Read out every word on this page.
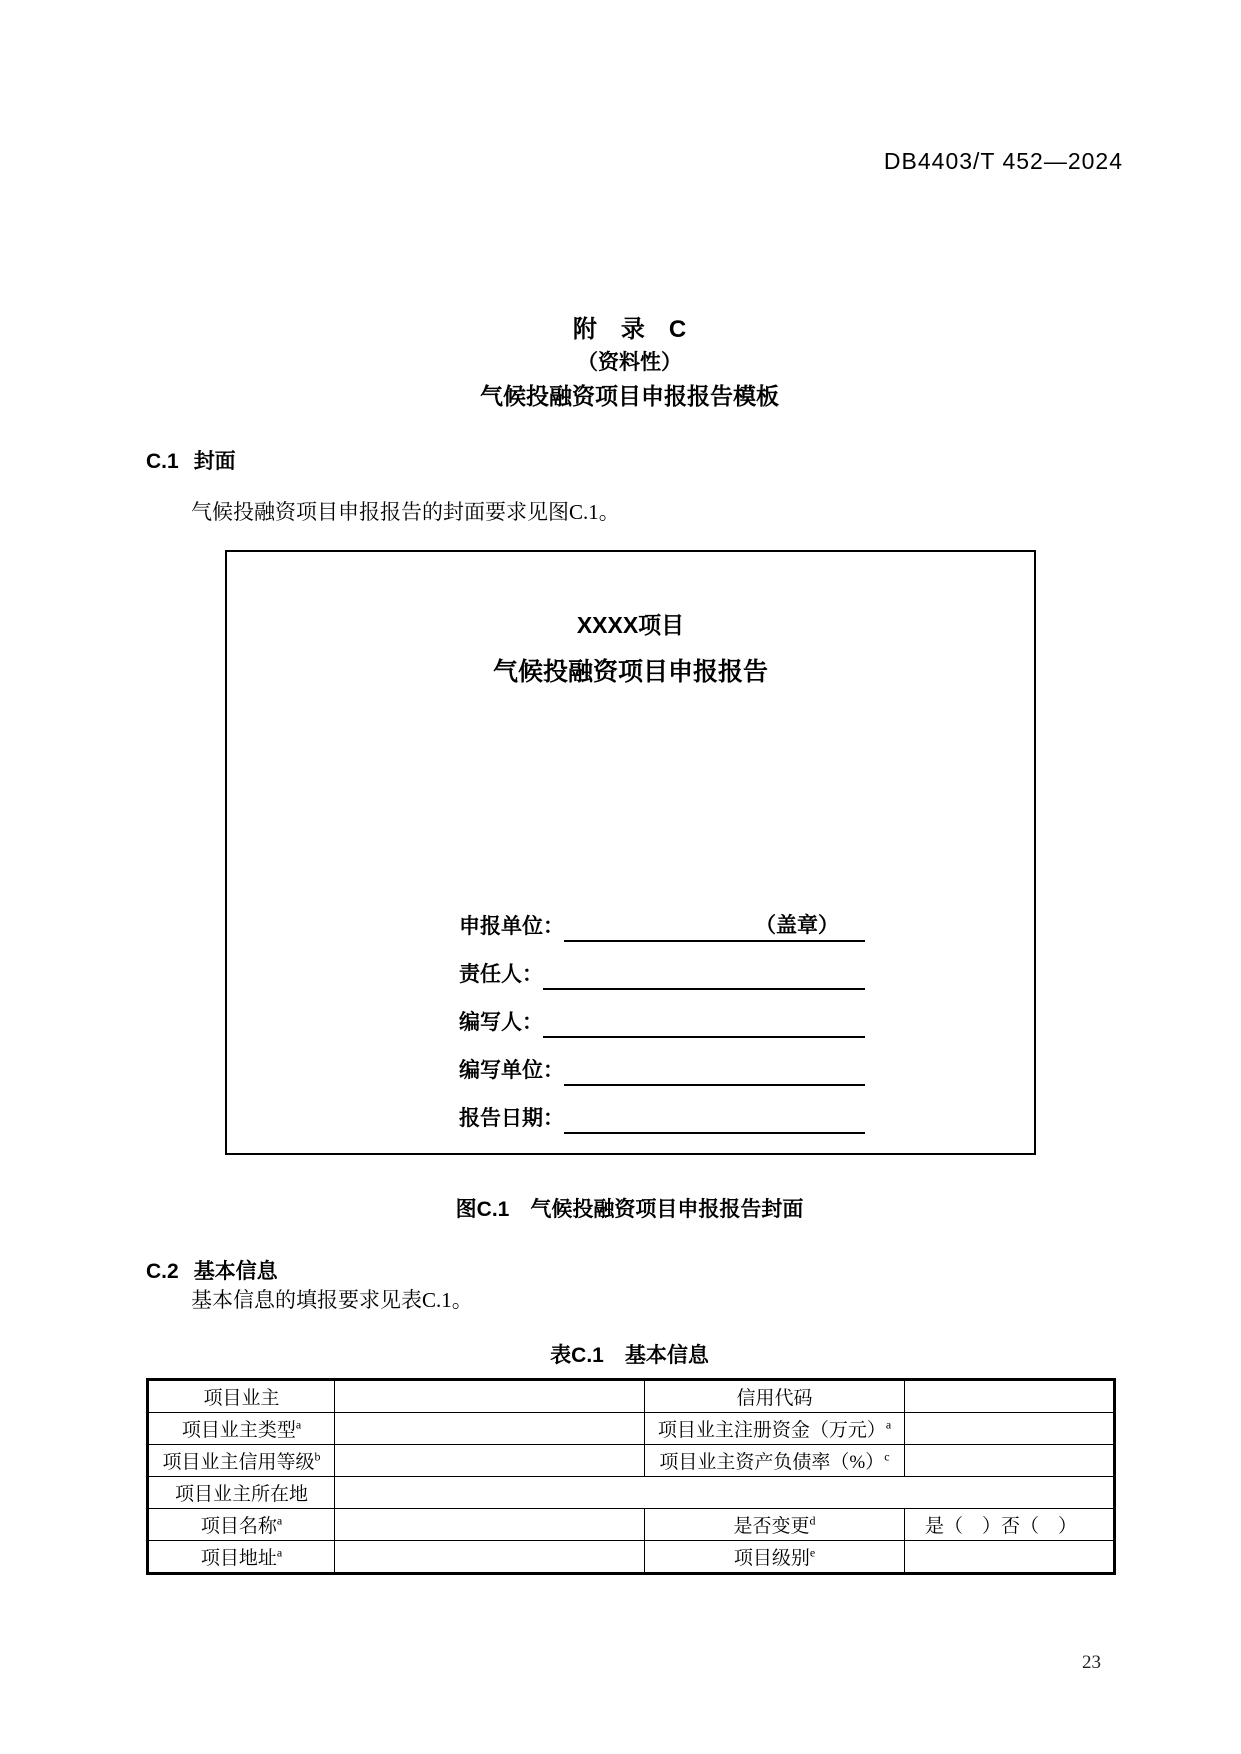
DB4403/T 452—2024
附　录　C
（资料性）
气候投融资项目申报报告模板
C.1 封面
气候投融资项目申报报告的封面要求见图C.1。
XXXX项目
气候投融资项目申报报告
申报单位：	（盖章）
责任人：
编写人：
编写单位：
报告日期：
图C.1　气候投融资项目申报报告封面
C.2 基本信息
基本信息的填报要求见表C.1。
表C.1　基本信息
项目业主		信用代码	
项目业主类型$^a$		项目业主注册资金（万元）$^a$	
项目业主信用等级$^b$		项目业主资产负债率（%）$^c$	
项目业主所在地			
项目名称$^a$		是否变更$^d$	是（　）否（　）
项目地址$^a$		项目级别$^e$	
23
